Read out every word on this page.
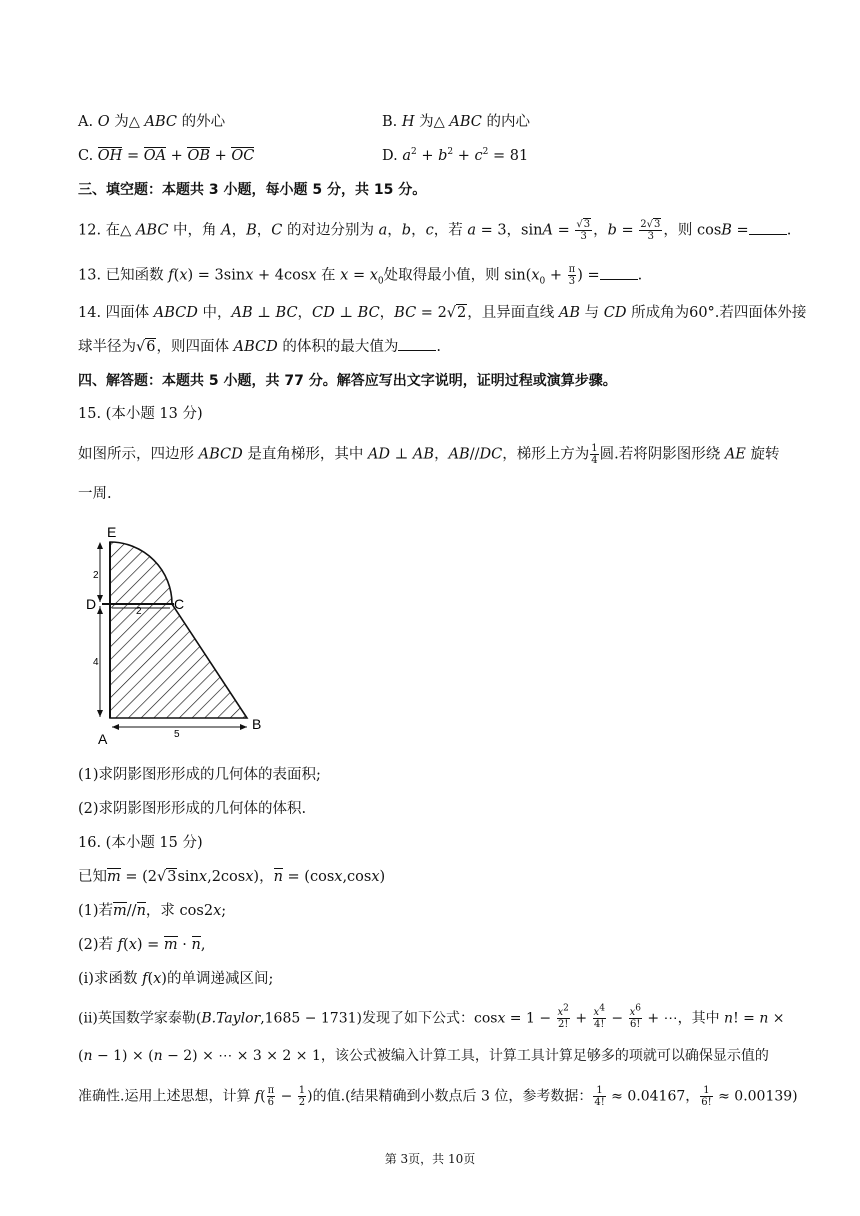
A. O 为△ ABC 的外心	B. H 为△ ABC 的内心
C. OH = OA + OB + OC	D. $a^2 + b^2 + c^2 = 81$
三、填空题：本题共 3 小题，每小题 5 分，共 15 分。
12. 在△ ABC 中，角 A，B，C 的对边分别为 a，b，c，若 a = 3，$\sin A = \frac{√3}{3}$ ，$b = \frac{2√3}{3}$ ，则 cosB =	.
13. 已知函数 f(x) = 3sinx + 4cosx 在 $x = x_0$处取得最小值，则 $\sin(x_0 + \frac{\pi}{3}$ ) =	.
14. 四面体 ABCD 中，AB ⊥ BC，CD ⊥ BC，BC = 2√2，且异面直线 AB 与 CD 所成角为60°.若四面体外接
球半径为√6，则四面体 ABCD 的体积的最大值为	.
四、解答题：本题共 5 小题，共 77 分。解答应写出文字说明，证明过程或演算步骤。
15. (本小题 13 分)
如图所示，四边形 ABCD 是直角梯形，其中 AD ⊥ AB，AB//DC，梯形上方为 $\frac{1}{4}$ 圆.若将阴影图形绕 AE 旋转
一周.
E
D	C
A
B
2
2
4
5
(1)求阴影图形形成的几何体的表面积;
(2)求阴影图形形成的几何体的体积.
16. (本小题 15 分)
已知m = (2√3sinx,2cosx)，n = (cosx,cosx)
(1)若m//n，求 cos2x;
(2)若 f(x) = m · n,
(ⅰ)求函数 f(x)的单调递减区间;
(ⅱ)英国数学家泰勒(B.Taylor,1685 − 1731)发现了如下公式：$\cos x = 1 - \frac{x^2}{2!} + \frac{x^4}{4!} - \frac{x^6}{6!}$ + ⋯，其中 n! = n ×
(n − 1) × (n − 2) × ⋯ × 3 × 2 × 1，该公式被编入计算工具，计算工具计算足够多的项就可以确保显示值的
准确性.运用上述思想，计算 $f( \frac{\pi}{6} - \frac{1}{2}$ )的值.(结果精确到小数点后 3 位，参考数据： $\frac{1}{4!} \approx 0.04167$， $\frac{1}{6!} \approx 0.00139$)
第 3页，共 10页
